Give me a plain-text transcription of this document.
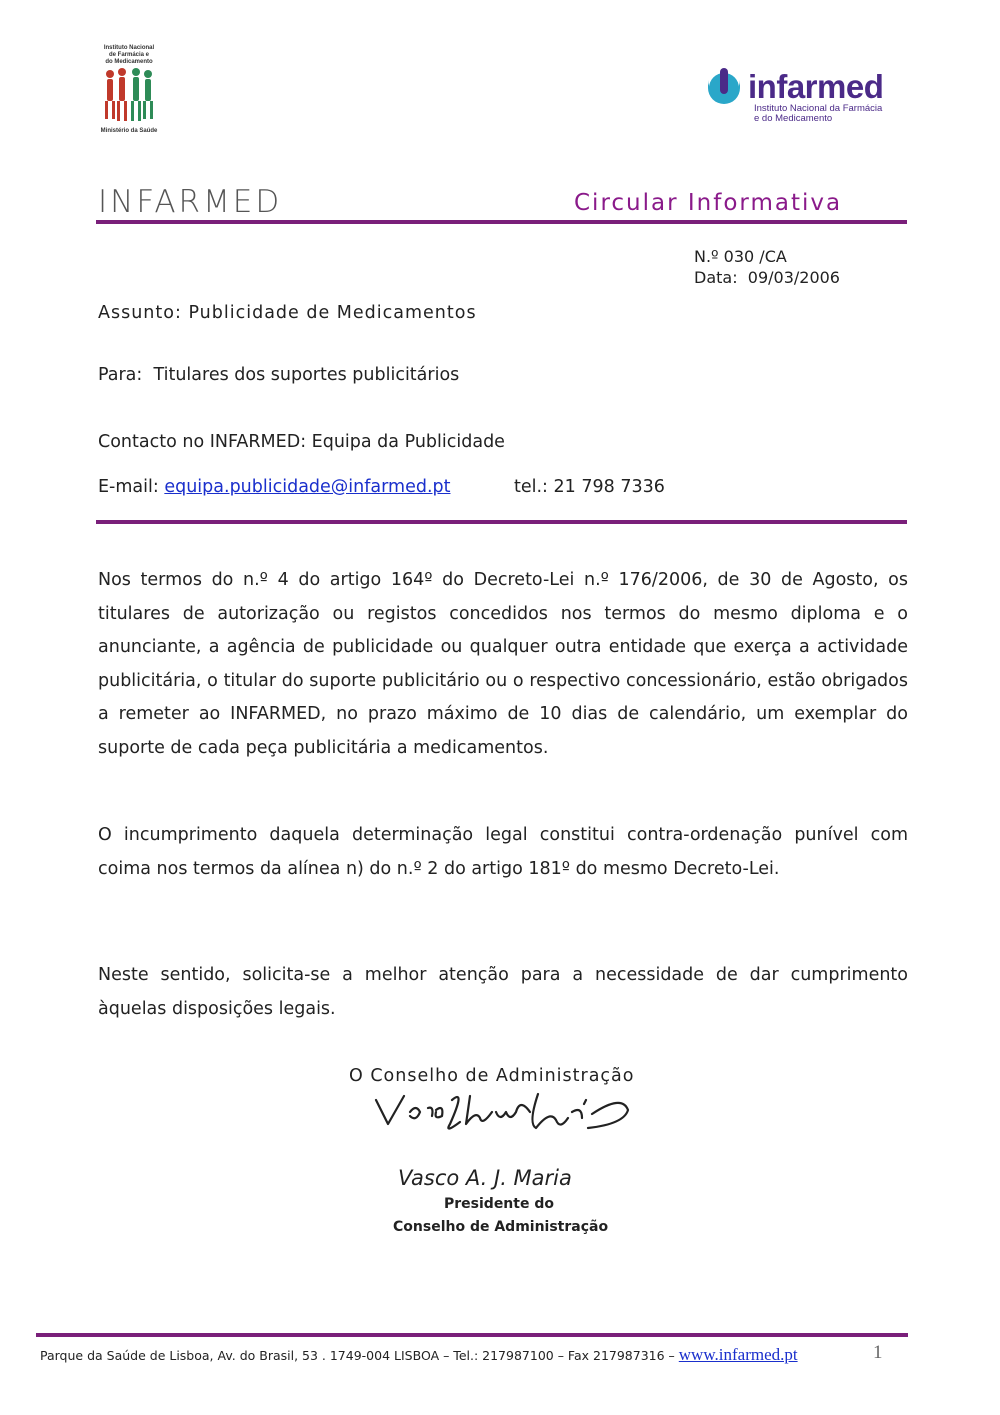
Instituto Nacional
de Farmácia e
do Medicamento
Ministério da Saúde
infarmed
Instituto Nacional da Farmácia
e do Medicamento
INFARMED	Circular Informativa
N.º 030 /CA
Data: 09/03/2006
Assunto: Publicidade de Medicamentos
Para: Titulares dos suportes publicitários
Contacto no INFARMED: Equipa da Publicidade
E-mail: equipa.publicidade@infarmed.pt	tel.: 21 798 7336
Nos termos do n.º 4 do artigo 164º do Decreto-Lei n.º 176/2006, de 30 de Agosto, os titulares de autorização ou registos concedidos nos termos do mesmo diploma e o anunciante, a agência de publicidade ou qualquer outra entidade que exerça a actividade publicitária, o titular do suporte publicitário ou o respectivo concessionário, estão obrigados a remeter ao INFARMED, no prazo máximo de 10 dias de calendário, um exemplar do suporte de cada peça publicitária a medicamentos.
O incumprimento daquela determinação legal constitui contra-ordenação punível com coima nos termos da alínea n) do n.º 2 do artigo 181º do mesmo Decreto-Lei.
Neste sentido, solicita-se a melhor atenção para a necessidade de dar cumprimento àquelas disposições legais.
O Conselho de Administração
Vasco A. J. Maria
Presidente do
Conselho de Administração
Parque da Saúde de Lisboa, Av. do Brasil, 53 . 1749-004 LISBOA – Tel.: 217987100 – Fax 217987316 – www.infarmed.pt	1
